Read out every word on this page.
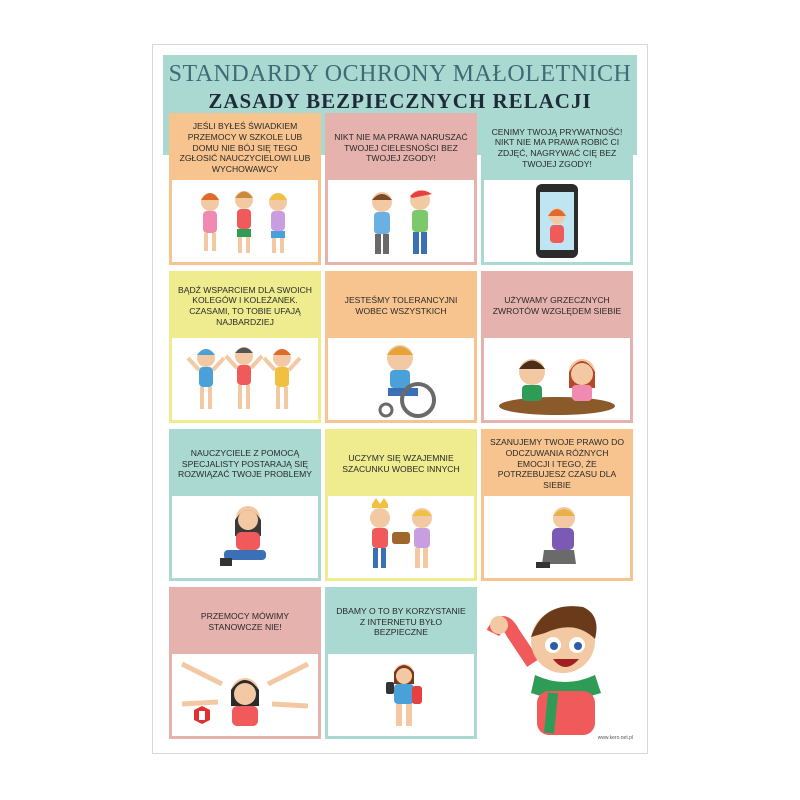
STANDARDY OCHRONY MAŁOLETNICH
ZASADY BEZPIECZNYCH RELACJI
JEŚLI BYŁEŚ ŚWIADKIEM PRZEMOCY W SZKOLE LUB DOMU NIE BÓJ SIĘ TEGO ZGŁOSIĆ NAUCZYCIELOWI LUB WYCHOWAWCY
NIKT NIE MA PRAWA NARUSZAĆ TWOJEJ CIELESNOŚCI BEZ TWOJEJ ZGODY!
CENIMY TWOJĄ PRYWATNOŚĆ! NIKT NIE MA PRAWA ROBIĆ CI ZDJĘĆ, NAGRYWAĆ CIĘ BEZ TWOJEJ ZGODY!
BĄDŹ WSPARCIEM DLA SWOICH KOLEGÓW I KOLEŻANEK. CZASAMI, TO TOBIE UFAJĄ NAJBARDZIEJ
JESTEŚMY TOLERANCYJNI WOBEC WSZYSTKICH
UŻYWAMY GRZECZNYCH ZWROTÓW WZGLĘDEM SIEBIE
NAUCZYCIELE Z POMOCĄ SPECJALISTY POSTARAJĄ SIĘ ROZWIĄZAĆ TWOJE PROBLEMY
UCZYMY SIĘ WZAJEMNIE SZACUNKU WOBEC INNYCH
SZANUJEMY TWOJE PRAWO DO ODCZUWANIA RÓŻNYCH EMOCJI I TEGO, ŻE POTRZEBUJESZ CZASU DLA SIEBIE
PRZEMOCY MÓWIMY STANOWCZE NIE!
DBAMY O TO BY KORZYSTANIE Z INTERNETU BYŁO BEZPIECZNE
www.kero.net.pl
